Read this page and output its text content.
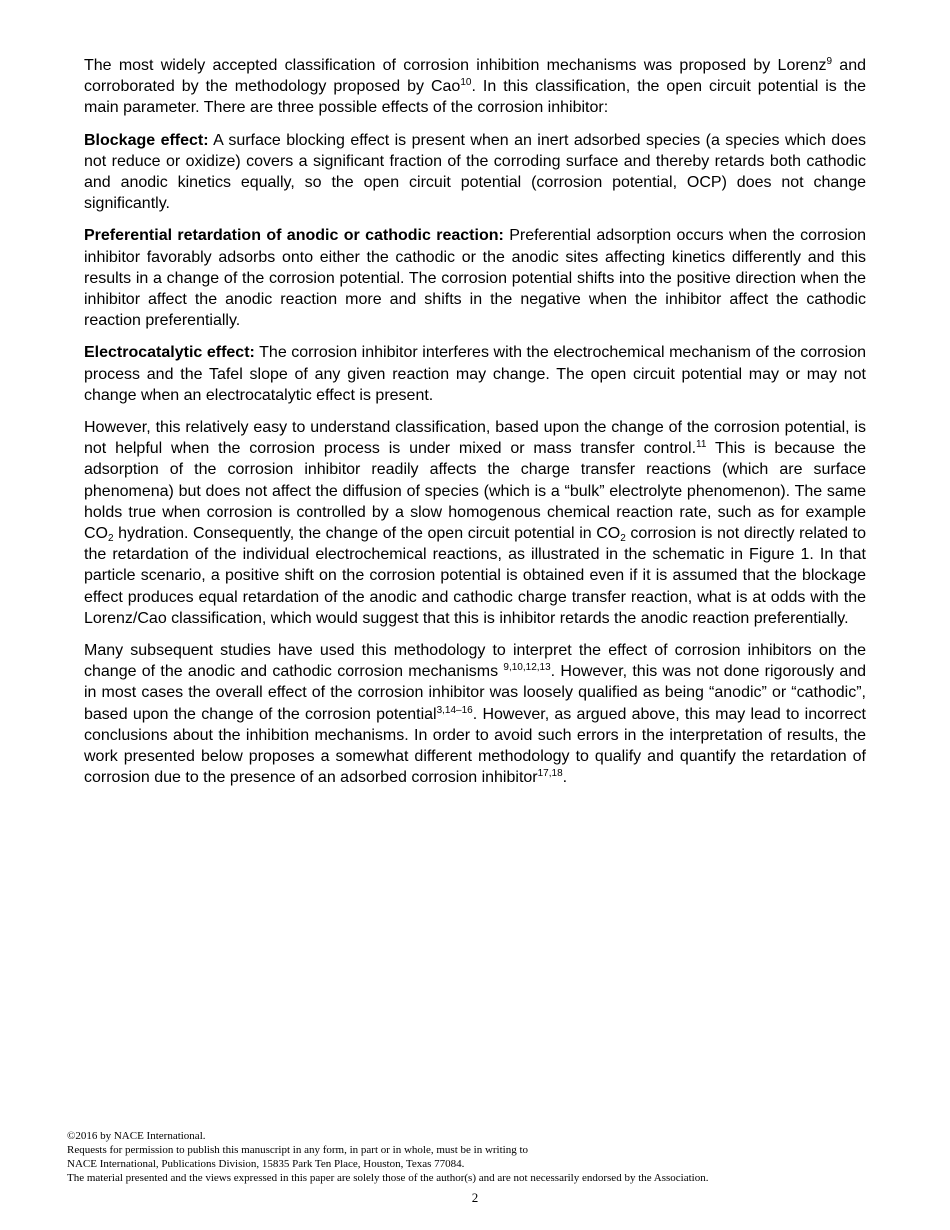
The most widely accepted classification of corrosion inhibition mechanisms was proposed by Lorenz$^9$ and corroborated by the methodology proposed by Cao$^{10}$. In this classification, the open circuit potential is the main parameter. There are three possible effects of the corrosion inhibitor:

Blockage effect: A surface blocking effect is present when an inert adsorbed species (a species which does not reduce or oxidize) covers a significant fraction of the corroding surface and thereby retards both cathodic and anodic kinetics equally, so the open circuit potential (corrosion potential, OCP) does not change significantly.

Preferential retardation of anodic or cathodic reaction: Preferential adsorption occurs when the corrosion inhibitor favorably adsorbs onto either the cathodic or the anodic sites affecting kinetics differently and this results in a change of the corrosion potential. The corrosion potential shifts into the positive direction when the inhibitor affect the anodic reaction more and shifts in the negative when the inhibitor affect the cathodic reaction preferentially.

Electrocatalytic effect: The corrosion inhibitor interferes with the electrochemical mechanism of the corrosion process and the Tafel slope of any given reaction may change. The open circuit potential may or may not change when an electrocatalytic effect is present.

However, this relatively easy to understand classification, based upon the change of the corrosion potential, is not helpful when the corrosion process is under mixed or mass transfer control.$^{11}$ This is because the adsorption of the corrosion inhibitor readily affects the charge transfer reactions (which are surface phenomena) but does not affect the diffusion of species (which is a “bulk” electrolyte phenomenon). The same holds true when corrosion is controlled by a slow homogenous chemical reaction rate, such as for example $CO_2$ hydration. Consequently, the change of the open circuit potential in $CO_2$ corrosion is not directly related to the retardation of the individual electrochemical reactions, as illustrated in the schematic in Figure 1. In that particle scenario, a positive shift on the corrosion potential is obtained even if it is assumed that the blockage effect produces equal retardation of the anodic and cathodic charge transfer reaction, what is at odds with the Lorenz/Cao classification, which would suggest that this is inhibitor retards the anodic reaction preferentially.

Many subsequent studies have used this methodology to interpret the effect of corrosion inhibitors on the change of the anodic and cathodic corrosion mechanisms $^{9,10,12,13}$. However, this was not done rigorously and in most cases the overall effect of the corrosion inhibitor was loosely qualified as being “anodic” or “cathodic”, based upon the change of the corrosion potential$^{3,14-16}$. However, as argued above, this may lead to incorrect conclusions about the inhibition mechanisms. In order to avoid such errors in the interpretation of results, the work presented below proposes a somewhat different methodology to qualify and quantify the retardation of corrosion due to the presence of an adsorbed corrosion inhibitor$^{17,18}$.

©2016 by NACE International.
Requests for permission to publish this manuscript in any form, in part or in whole, must be in writing to
NACE International, Publications Division, 15835 Park Ten Place, Houston, Texas 77084.
The material presented and the views expressed in this paper are solely those of the author(s) and are not necessarily endorsed by the Association.
2
